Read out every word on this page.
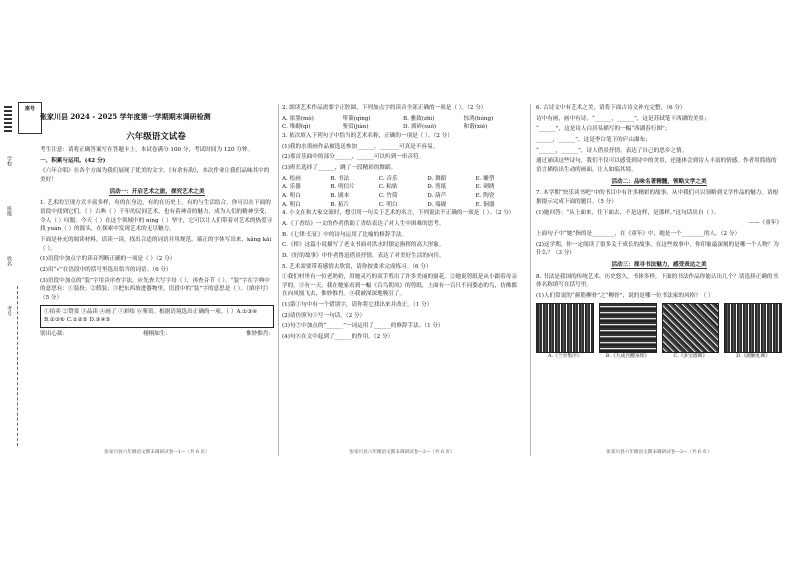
座号
学校
班级
姓名
考号
张家川县 2024 - 2025 学年度第一学期期末调研检测
六年级语文试卷

考生注意：请将正确答案写在答题卡上，本试卷满分 100 分，考试时间为 120 分钟。

一、积累与运用。(42 分)

《六年合唱》在各个方面为我们展现了优美的文字，《有余有韵》，本次作业让我们品味其中的美好！

活动一：开启艺术之旅，探究艺术之美

1. 艺术的呈现方式丰富多样，有的在身边，有的在历史上，有的与生活结合。你可以在下面的语段中找到它们。（ ）古典（ ）千年的民间艺术，也有着神奇的魅力，成为人们的精神享受，令人（ ）叹服。今天（ ）在这个领域中的 níng（ ）坚守，它可以让人们带着对艺术的热爱寻找 yuán（ ）的源头，在探索中发现艺术的无尽魅力。

下面是补充的阅读材料，请读一读，找出合适的词语并用规范、端正的字体写出来，kǎng kǎi（ ）。

(1)语段中加点字的读音判断正确的一项是（ ）（2 分）

(2)用“√”在语段中的括号里选出恰当的词语。（6 分）

(3)语段中加点的“装”字用音序查字法，应先查大写字母（ ），再查音节（ ）。“装”字在字典中的意思有：①装扮；②假装；③把东西放进器物里。语段中的“装”字的意思是（ ）。（填序号）（5 分）

①拍卖 ②赞赏 ③品读 ④画了 ⑤彩绘 ⑥鉴赏。根据语境选出正确的一项。（ ）A.①③④ B.②③⑥ C.①②⑤ D.③④⑤
别出心裁：	栩栩如生：	惟妙惟肖：
张家川县六年级语文期末调研试卷—1—（共 6 页）

2. 朗读艺术作品需要字正腔圆，下列加点字的读音全部正确的一项是（ ）。（2 分）

A. 浓墨(mò)	筚篥(qìng)	B. 雅致(zhì)	惊鸿(hóng)
C. 堆砌(qì)	鉴赏(jiàn)	D. 琐碎(suǒ)	和谐(xié)

3. 依次填入下列句子中恰当的艺术名称，正确的一项是（ ）。（2 分）

(1)我的水墨画作品被选送参加______，_______可真是不容易。

(2)那首乐曲中的部分______，______可以听到一串音符。

(3)班长选择了______，跳了一段精彩的舞蹈。

A. 绘画	B. 书法	C. 音乐	D. 舞蹈	E. 雕塑
A. 乐器	B. 明信片	C. 粘贴	D. 剪纸	E. 刺绣
A. 明白	B. 剧本	C. 竹简	D. 葫芦	E. 陶瓷
A. 明白	B. 拓片	C. 明白	D. 端砚	E. 铜器

4. 小文在和大家交流时，想引用一句关于艺术的名言，下列说法不正确的一项是（ ）。（2 分）

A.《丁香结》一文的作者借助丁香结表达了对人生中困难的思考。

B.《七律·长征》中的诗句运用了比喻的修辞手法。

C.《桥》这篇小说描写了老支书面对洪水时镇定指挥的高大形象。

D.《好的故事》中作者鲁迅借景抒情，表达了对美好生活的向往。

5. 艺术需要带着感情去欣赏，请你按要求完成练习。（6 分）

①我们村里有一位老奶奶，用她灵巧的双手剪出了许多美丽的窗花。②她说剪纸是从小跟着母亲学的。③有一天，我在她家看到一幅《百鸟朝凤》的剪纸，上面有一百只不同姿态的鸟，仿佛都在向凤凰飞去，惟妙惟肖。④我被深深地吸引了。

(1)第①句中有一个错别字，请你将它找出来并改正。（1 分）

(2)请仿照句⑤写一句话。（2 分）

(3)句⑦中加点的“______”一词运用了______的修辞手法。（1 分）

(4)句⑧在文中起到了______的作用。（2 分）

张家川县六年级语文期末调研试卷—2—（共 6 页）

6. 古诗文中有艺术之美，请将下面古诗文补充完整。（6 分）

诗中有画，画中有诗，“______，______”，这是苏轼笔下西湖的美景；

“______”，这是诗人白居易描写的一幅“西湖春行图”；

______，______”，这是李白笔下的庐山瀑布；

“______，______”，诗人借景抒情，表达了自己的思乡之情。

通过诵读这些诗句，我们不仅可以感受到诗中的美景，还能体会到诗人丰富的情感。作者用简练的语言描绘出生动的画面，让人如临其境。

活动二：品味名著精髓，领略文学之美

7. 本学期“快乐读书吧”中的书目中有许多精彩的故事，从中我们可以领略到文学作品的魅力。请根据提示完成下面的题目。（5 分）

(1)她回答：“从上面来，往下面去，不是这样，是那样。”这句话出自（ ）。

——《童年》

上面句子中“她”指的是________，在《童年》中，她是一个________的人。（2 分）

(2)这学期，你一定阅读了很多关于成长的故事，在这些故事中，你印象最深刻的是哪一个人物？为什么？（3 分）

活动三：探寻书法魅力，感受表达之美

8. 书法是我国的传统艺术，历史悠久，书体多样。下面的书法作品你能认出几个？请选择正确的书体名称填写在括号里。

(1)人们常说的“颜筋柳骨”之“柳骨”，说的是哪一位书法家的风格？（ ）

A.《兰亭集序》	B.《九成宫醴泉铭》	C.《多宝塔碑》	D.《颜勤礼碑》
张家川县六年级语文期末调研试卷—3—（共 6 页）
